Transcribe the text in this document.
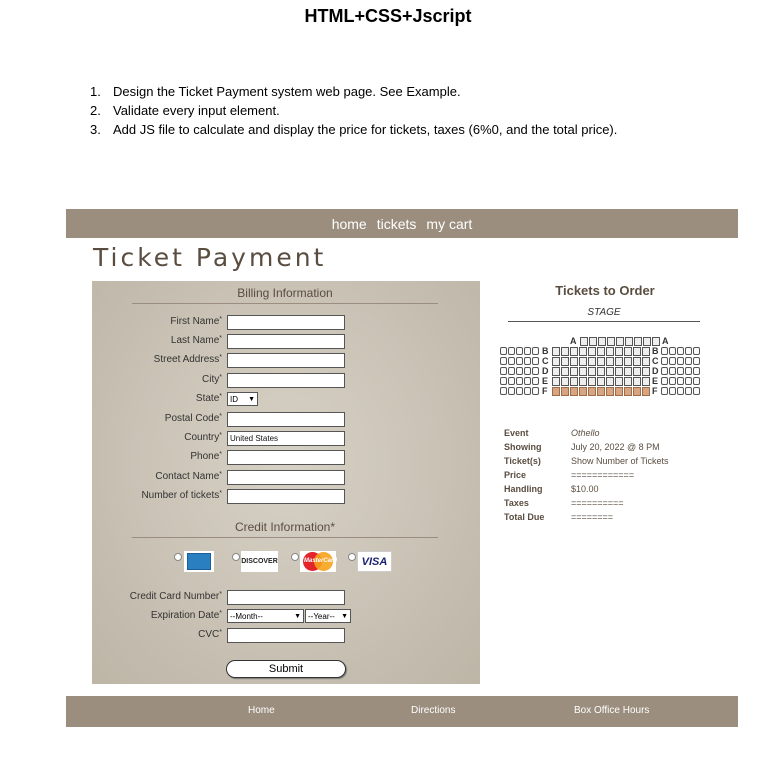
HTML+CSS+Jscript
1. Design the Ticket Payment system web page. See Example.
2. Validate every input element.
3. Add JS file to calculate and display the price for tickets, taxes (6%0, and the total price).
home tickets my cart
Ticket Payment
Billing Information
First Name*
Last Name*
Street Address*
City*
State* ID ▼
Postal Code*
Country*	United States
Phone*
Contact Name*
Number of tickets*
Credit Information*
DISCOVER	MasterCard VISA
Credit Card Number*
Expiration Date* --Month--	▼ --Year-- ▼
CVC*
Submit
Tickets to Order
STAGE
A	A
B	B
C	C
D	D
E	E
F	F
Event	Othello
Showing	July 20, 2022 @ 8 PM
Ticket(s)	Show Number of Tickets
Price	============
Handling	$10.00
Taxes	==========
Total Due	========
Home	Directions	Box Office Hours
